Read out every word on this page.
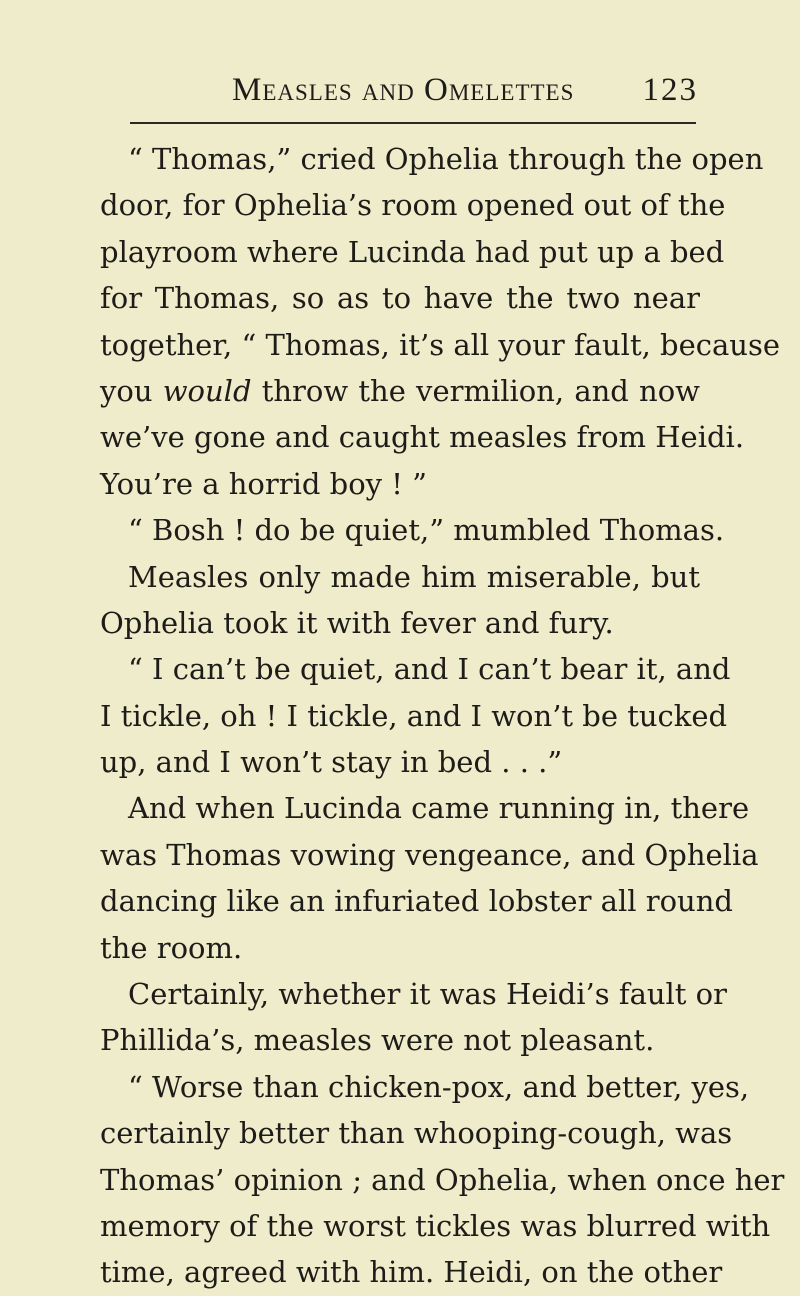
Measles and Omelettes 123
“ Thomas,” cried Ophelia through the open
door, for Ophelia’s room opened out of the
playroom where Lucinda had put up a bed
for Thomas, so as to have the two near
together, “ Thomas, it’s all your fault, because
you would throw the vermilion, and now
we’ve gone and caught measles from Heidi.
You’re a horrid boy ! ”
“ Bosh ! do be quiet,” mumbled Thomas.
Measles only made him miserable, but
Ophelia took it with fever and fury.
“ I can’t be quiet, and I can’t bear it, and
I tickle, oh ! I tickle, and I won’t be tucked
up, and I won’t stay in bed . . .”
And when Lucinda came running in, there
was Thomas vowing vengeance, and Ophelia
dancing like an infuriated lobster all round
the room.
Certainly, whether it was Heidi’s fault or
Phillida’s, measles were not pleasant.
“ Worse than chicken-pox, and better, yes,
certainly better than whooping-cough, was
Thomas’ opinion ; and Ophelia, when once her
memory of the worst tickles was blurred with
time, agreed with him. Heidi, on the other
